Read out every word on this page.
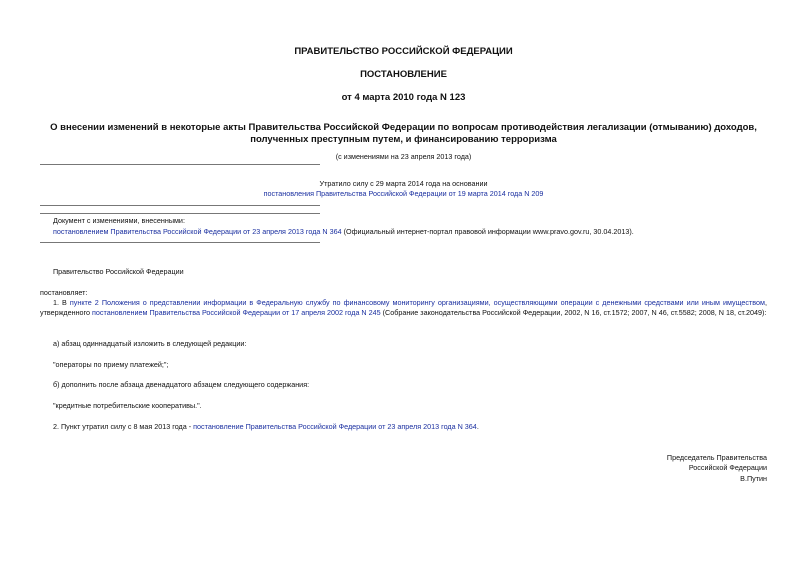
ПРАВИТЕЛЬСТВО РОССИЙСКОЙ ФЕДЕРАЦИИ
ПОСТАНОВЛЕНИЕ
от 4 марта 2010 года N 123
О внесении изменений в некоторые акты Правительства Российской Федерации по вопросам противодействия легализации (отмыванию) доходов, полученных преступным путем, и финансированию терроризма
(с изменениями на 23 апреля 2013 года)
Утратило силу с 29 марта 2014 года на основании
постановления Правительства Российской Федерации от 19 марта 2014 года N 209
Документ с изменениями, внесенными:
постановлением Правительства Российской Федерации от 23 апреля 2013 года N 364 (Официальный интернет-портал правовой информации www.pravo.gov.ru, 30.04.2013).
Правительство Российской Федерации
постановляет:
1. В пункте 2 Положения о представлении информации в Федеральную службу по финансовому мониторингу организациями, осуществляющими операции с денежными средствами или иным имуществом, утвержденного постановлением Правительства Российской Федерации от 17 апреля 2002 года N 245 (Собрание законодательства Российской Федерации, 2002, N 16, ст.1572; 2007, N 46, ст.5582; 2008, N 18, ст.2049):
а) абзац одиннадцатый изложить в следующей редакции:
"операторы по приему платежей;";
б) дополнить после абзаца двенадцатого абзацем следующего содержания:
"кредитные потребительские кооперативы.".
2. Пункт утратил силу с 8 мая 2013 года - постановление Правительства Российской Федерации от 23 апреля 2013 года N 364.
Председатель Правительства
Российской Федерации
В.Путин
